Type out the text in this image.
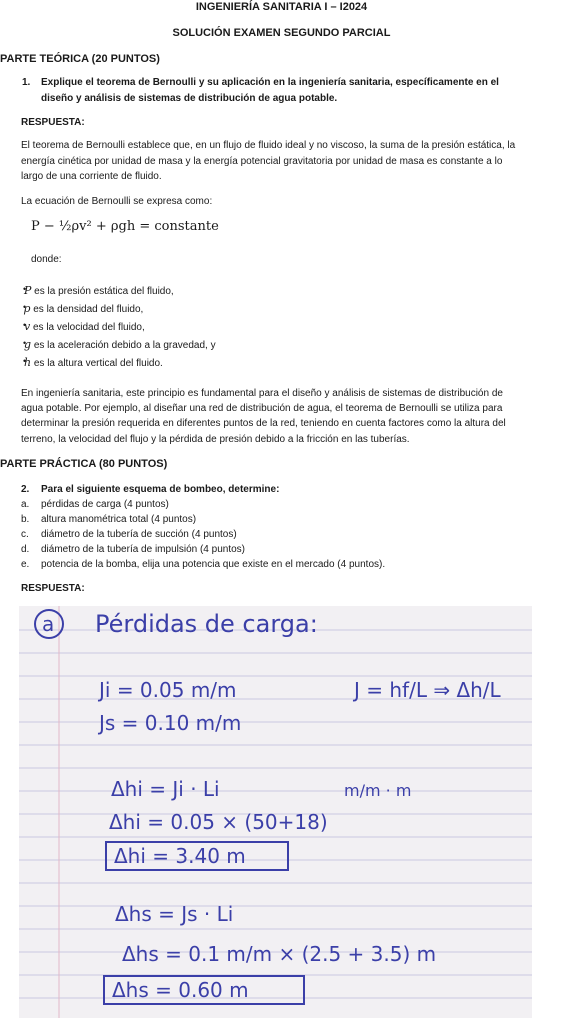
INGENIERÍA SANITARIA I – I2024
SOLUCIÓN EXAMEN SEGUNDO PARCIAL
PARTE TEÓRICA (20 PUNTOS)
1. Explique el teorema de Bernoulli y su aplicación en la ingeniería sanitaria, específicamente en el
diseño y análisis de sistemas de distribución de agua potable.
RESPUESTA:
El teorema de Bernoulli establece que, en un flujo de fluido ideal y no viscoso, la suma de la presión estática, la
energía cinética por unidad de masa y la energía potencial gravitatoria por unidad de masa es constante a lo
largo de una corriente de fluido.
La ecuación de Bernoulli se expresa como:
P − ½ρv² + ρgh = constante
donde:
• P es la presión estática del fluido,
• ρ es la densidad del fluido,
• v es la velocidad del fluido,
• g es la aceleración debido a la gravedad, y
• h es la altura vertical del fluido.
En ingeniería sanitaria, este principio es fundamental para el diseño y análisis de sistemas de distribución de
agua potable. Por ejemplo, al diseñar una red de distribución de agua, el teorema de Bernoulli se utiliza para
determinar la presión requerida en diferentes puntos de la red, teniendo en cuenta factores como la altura del
terreno, la velocidad del flujo y la pérdida de presión debido a la fricción en las tuberías.
PARTE PRÁCTICA (80 PUNTOS)
2. Para el siguiente esquema de bombeo, determine:
a. pérdidas de carga (4 puntos)
b. altura manométrica total (4 puntos)
c. diámetro de la tubería de succión (4 puntos)
d. diámetro de la tubería de impulsión (4 puntos)
e. potencia de la bomba, elija una potencia que existe en el mercado (4 puntos).
RESPUESTA:
a Pérdidas de carga:
Ji = 0.05 m/m	J = hf/L ⇒ Δh/L
Js = 0.10 m/m
Δhi = Ji · Li	m/m · m
Δhi = 0.05 × (50+18)
Δhi = 3.40 m
Δhs = Js · Li
Δhs = 0.1 m/m × (2.5 + 3.5) m
Δhs = 0.60 m
